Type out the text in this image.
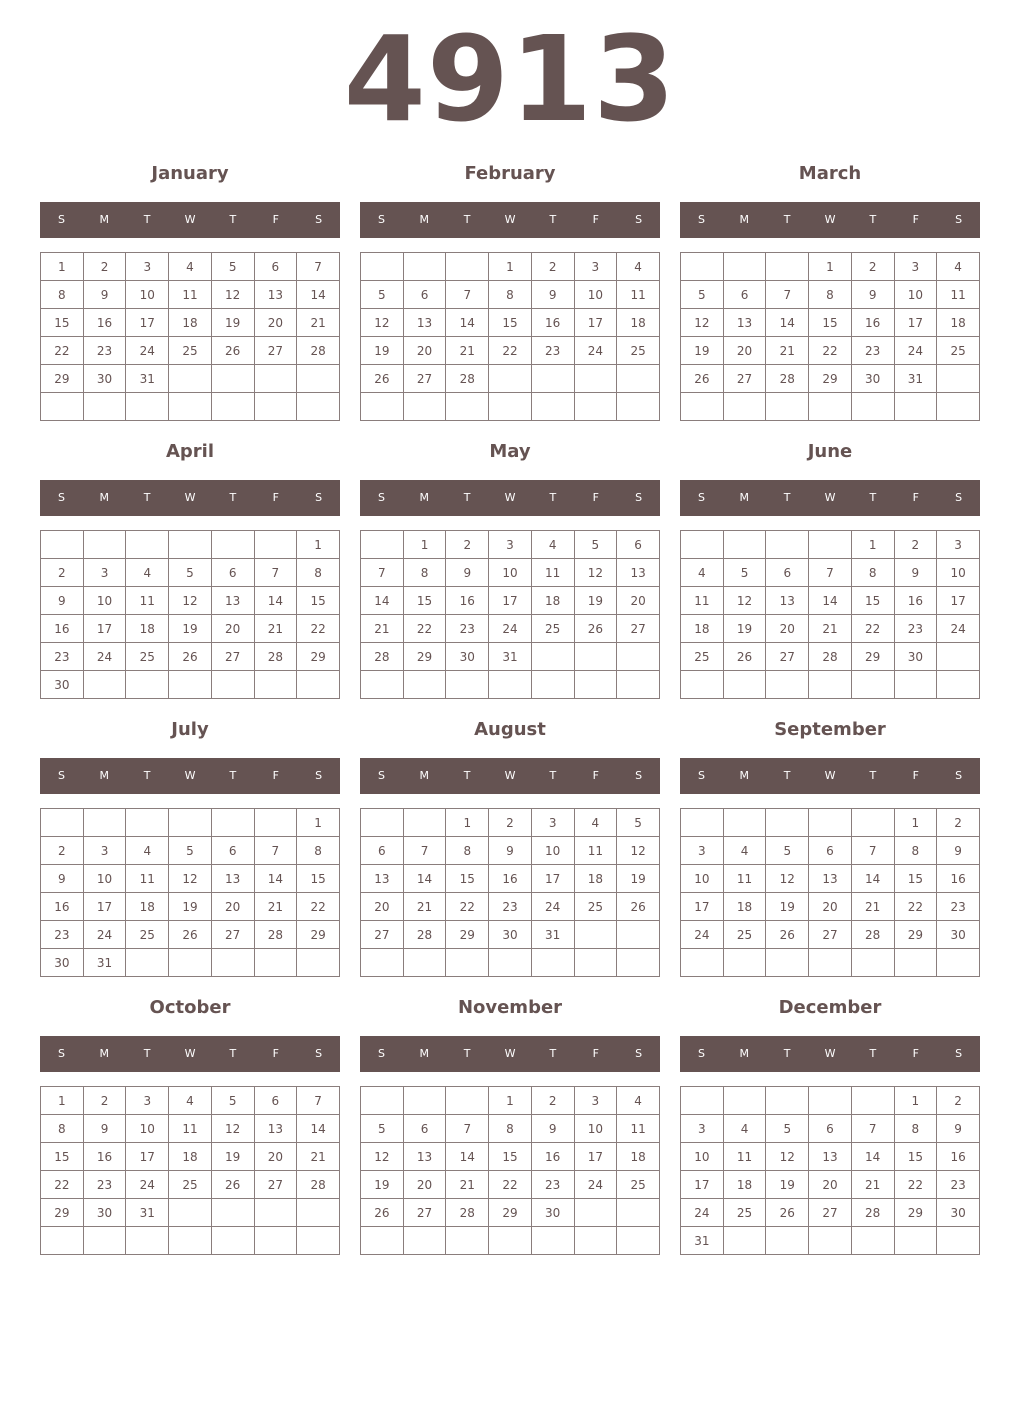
4913
January
S	M	T	W	T	F	S
1	2	3	4	5	6	7
8	9	10	11	12	13	14
15	16	17	18	19	20	21
22	23	24	25	26	27	28
29	30	31				

February
S	M	T	W	T	F	S
			1	2	3	4
5	6	7	8	9	10	11
12	13	14	15	16	17	18
19	20	21	22	23	24	25
26	27	28				

March
S	M	T	W	T	F	S
			1	2	3	4
5	6	7	8	9	10	11
12	13	14	15	16	17	18
19	20	21	22	23	24	25
26	27	28	29	30	31	

April
S	M	T	W	T	F	S
						1
2	3	4	5	6	7	8
9	10	11	12	13	14	15
16	17	18	19	20	21	22
23	24	25	26	27	28	29
30						
May
S	M	T	W	T	F	S
	1	2	3	4	5	6
7	8	9	10	11	12	13
14	15	16	17	18	19	20
21	22	23	24	25	26	27
28	29	30	31			

June
S	M	T	W	T	F	S
				1	2	3
4	5	6	7	8	9	10
11	12	13	14	15	16	17
18	19	20	21	22	23	24
25	26	27	28	29	30	

July
S	M	T	W	T	F	S
						1
2	3	4	5	6	7	8
9	10	11	12	13	14	15
16	17	18	19	20	21	22
23	24	25	26	27	28	29
30	31					
August
S	M	T	W	T	F	S
		1	2	3	4	5
6	7	8	9	10	11	12
13	14	15	16	17	18	19
20	21	22	23	24	25	26
27	28	29	30	31		

September
S	M	T	W	T	F	S
					1	2
3	4	5	6	7	8	9
10	11	12	13	14	15	16
17	18	19	20	21	22	23
24	25	26	27	28	29	30

October
S	M	T	W	T	F	S
1	2	3	4	5	6	7
8	9	10	11	12	13	14
15	16	17	18	19	20	21
22	23	24	25	26	27	28
29	30	31				

November
S	M	T	W	T	F	S
			1	2	3	4
5	6	7	8	9	10	11
12	13	14	15	16	17	18
19	20	21	22	23	24	25
26	27	28	29	30		

December
S	M	T	W	T	F	S
					1	2
3	4	5	6	7	8	9
10	11	12	13	14	15	16
17	18	19	20	21	22	23
24	25	26	27	28	29	30
31						
